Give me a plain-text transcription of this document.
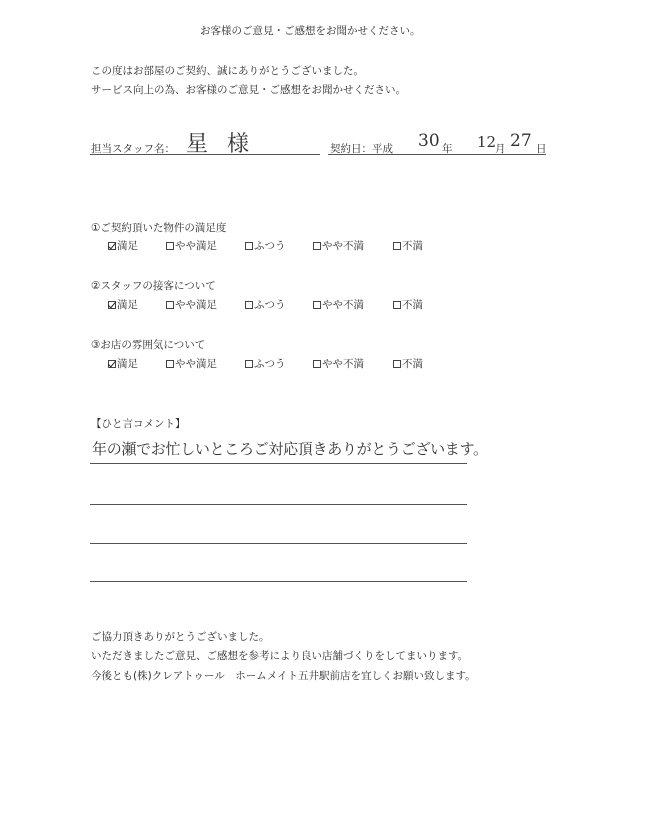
お客様のご意見・ご感想をお聞かせください。
この度はお部屋のご契約、誠にありがとうございました。
サービス向上の為、お客様のご意見・ご感想をお聞かせください。
担当スタッフ名： 星 様	契約日：平成 30 年 12
月 27 日
①ご契約頂いた物件の満足度
満足	やや満足	ふつう	やや不満	不満
②スタッフの接客について
満足	やや満足	ふつう	やや不満	不満
③お店の雰囲気について
満足	やや満足	ふつう	やや不満	不満
【ひと言コメント】
年の瀬でお忙しいところご対応頂きありがとうございます。
ご協力頂きありがとうございました。
いただきましたご意見、ご感想を参考により良い店舗づくりをしてまいります。
今後とも(株)クレアトゥール　ホームメイト五井駅前店を宜しくお願い致します。
